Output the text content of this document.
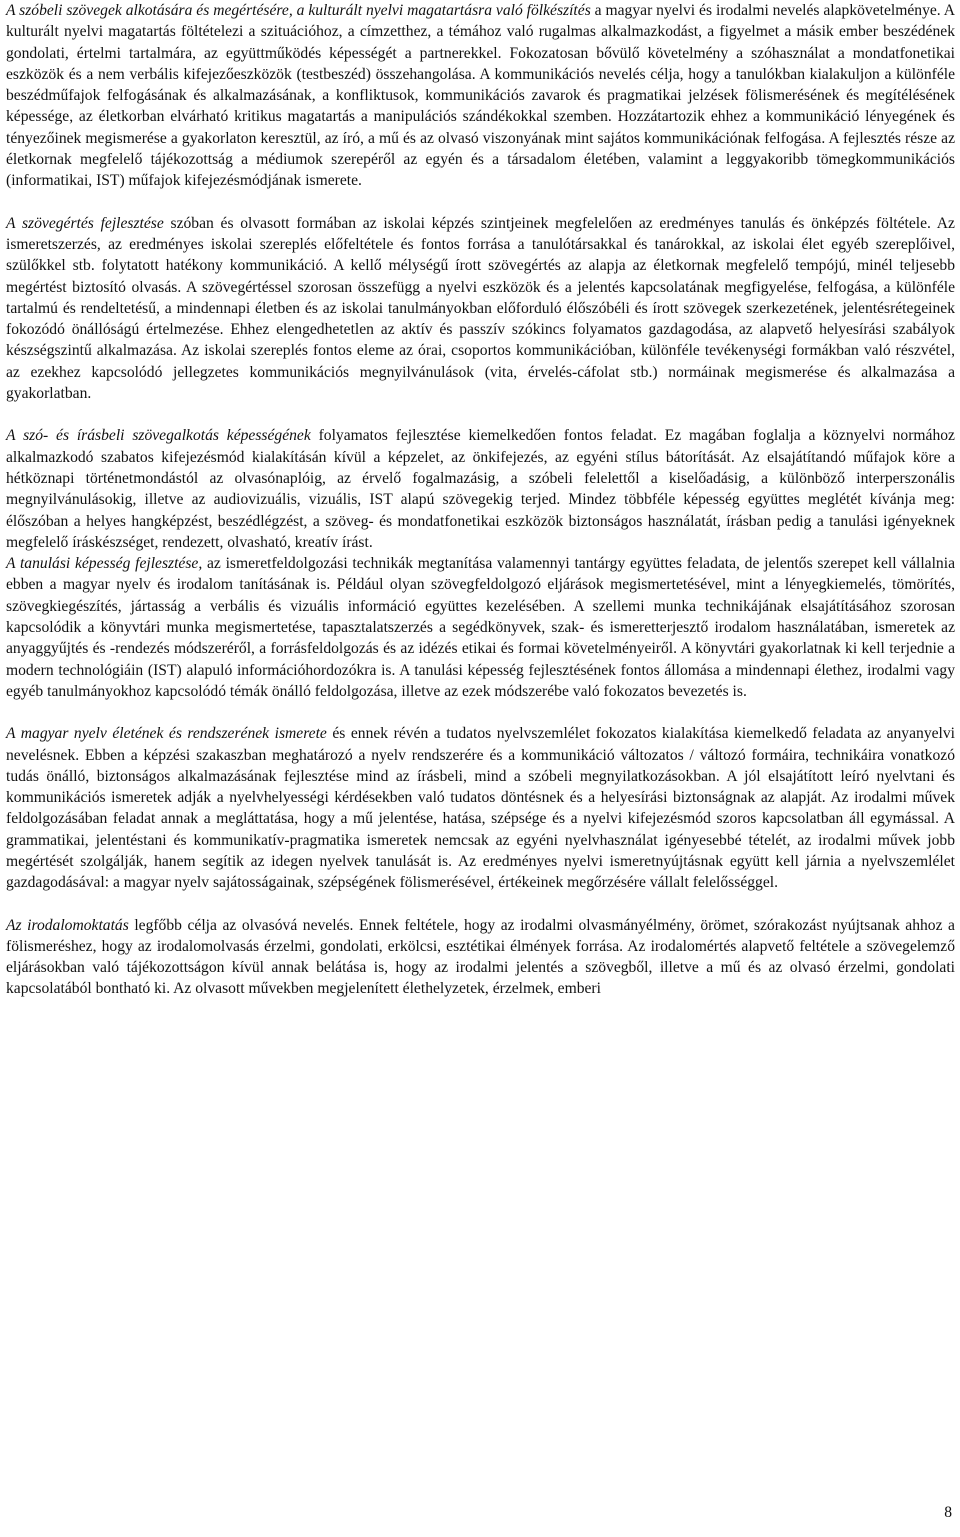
A szóbeli szövegek alkotására és megértésére, a kulturált nyelvi magatartásra való fölkészítés a magyar nyelvi és irodalmi nevelés alapkövetelménye. A kulturált nyelvi magatartás föltételezi a szituációhoz, a címzetthez, a témához való rugalmas alkalmazkodást, a figyelmet a másik ember beszédének gondolati, értelmi tartalmára, az együttműködés képességét a partnerekkel. Fokozatosan bővülő követelmény a szóhasználat a mondatfonetikai eszközök és a nem verbális kifejezőeszközök (testbeszéd) összehangolása. A kommunikációs nevelés célja, hogy a tanulókban kialakuljon a különféle beszédműfajok felfogásának és alkalmazásának, a konfliktusok, kommunikációs zavarok és pragmatikai jelzések fölismerésének és megítélésének képessége, az életkorban elvárható kritikus magatartás a manipulációs szándékokkal szemben. Hozzátartozik ehhez a kommunikáció lényegének és tényezőinek megismerése a gyakorlaton keresztül, az író, a mű és az olvasó viszonyának mint sajátos kommunikációnak felfogása. A fejlesztés része az életkornak megfelelő tájékozottság a médiumok szerepéről az egyén és a társadalom életében, valamint a leggyakoribb tömegkommunikációs (informatikai, IST) műfajok kifejezésmódjának ismerete.

A szövegértés fejlesztése szóban és olvasott formában az iskolai képzés szintjeinek megfelelően az eredményes tanulás és önképzés föltétele. Az ismeretszerzés, az eredményes iskolai szereplés előfeltétele és fontos forrása a tanulótársakkal és tanárokkal, az iskolai élet egyéb szereplőivel, szülőkkel stb. folytatott hatékony kommunikáció. A kellő mélységű írott szövegértés az alapja az életkornak megfelelő tempójú, minél teljesebb megértést biztosító olvasás. A szövegértéssel szorosan összefügg a nyelvi eszközök és a jelentés kapcsolatának megfigyelése, felfogása, a különféle tartalmú és rendeltetésű, a mindennapi életben és az iskolai tanulmányokban előforduló élőszóbéli és írott szövegek szerkezetének, jelentésrétegeinek fokozódó önállóságú értelmezése. Ehhez elengedhetetlen az aktív és passzív szókincs folyamatos gazdagodása, az alapvető helyesírási szabályok készségszintű alkalmazása. Az iskolai szereplés fontos eleme az órai, csoportos kommunikációban, különféle tevékenységi formákban való részvétel, az ezekhez kapcsolódó jellegzetes kommunikációs megnyilvánulások (vita, érvelés-cáfolat stb.) normáinak megismerése és alkalmazása a gyakorlatban.

A szó- és írásbeli szövegalkotás képességének folyamatos fejlesztése kiemelkedően fontos feladat. Ez magában foglalja a köznyelvi normához alkalmazkodó szabatos kifejezésmód kialakításán kívül a képzelet, az önkifejezés, az egyéni stílus bátorítását. Az elsajátítandó műfajok köre a hétköznapi történetmondástól az olvasónaplóig, az érvelő fogalmazásig, a szóbeli felelettől a kiselőadásig, a különböző interperszonális megnyilvánulásokig, illetve az audiovizuális, vizuális, IST alapú szövegekig terjed. Mindez többféle képesség együttes meglétét kívánja meg: élőszóban a helyes hangképzést, beszédlégzést, a szöveg- és mondatfonetikai eszközök biztonságos használatát, írásban pedig a tanulási igényeknek megfelelő íráskészséget, rendezett, olvasható, kreatív írást.

A tanulási képesség fejlesztése, az ismeretfeldolgozási technikák megtanítása valamennyi tantárgy együttes feladata, de jelentős szerepet kell vállalnia ebben a magyar nyelv és irodalom tanításának is. Például olyan szövegfeldolgozó eljárások megismertetésével, mint a lényegkiemelés, tömörítés, szövegkiegészítés, jártasság a verbális és vizuális információ együttes kezelésében. A szellemi munka technikájának elsajátításához szorosan kapcsolódik a könyvtári munka megismertetése, tapasztalatszerzés a segédkönyvek, szak- és ismeretterjesztő irodalom használatában, ismeretek az anyaggyűjtés és -rendezés módszeréről, a forrásfeldolgozás és az idézés etikai és formai követelményeiről. A könyvtári gyakorlatnak ki kell terjednie a modern technológiáin (IST) alapuló információhordozókra is. A tanulási képesség fejlesztésének fontos állomása a mindennapi élethez, irodalmi vagy egyéb tanulmányokhoz kapcsolódó témák önálló feldolgozása, illetve az ezek módszerébe való fokozatos bevezetés is.

A magyar nyelv életének és rendszerének ismerete és ennek révén a tudatos nyelvszemlélet fokozatos kialakítása kiemelkedő feladata az anyanyelvi nevelésnek. Ebben a képzési szakaszban meghatározó a nyelv rendszerére és a kommunikáció változatos / változó formáira, technikáira vonatkozó tudás önálló, biztonságos alkalmazásának fejlesztése mind az írásbeli, mind a szóbeli megnyilatkozásokban. A jól elsajátított leíró nyelvtani és kommunikációs ismeretek adják a nyelvhelyességi kérdésekben való tudatos döntésnek és a helyesírási biztonságnak az alapját. Az irodalmi művek feldolgozásában feladat annak a megláttatása, hogy a mű jelentése, hatása, szépsége és a nyelvi kifejezésmód szoros kapcsolatban áll egymással. A grammatikai, jelentéstani és kommunikatív-pragmatika ismeretek nemcsak az egyéni nyelvhasználat igényesebbé tételét, az irodalmi művek jobb megértését szolgálják, hanem segítik az idegen nyelvek tanulását is. Az eredményes nyelvi ismeretnyújtásnak együtt kell járnia a nyelvszemlélet gazdagodásával: a magyar nyelv sajátosságainak, szépségének fölismerésével, értékeinek megőrzésére vállalt felelősséggel.

Az irodalomoktatás legfőbb célja az olvasóvá nevelés. Ennek feltétele, hogy az irodalmi olvasmányélmény, örömet, szórakozást nyújtsanak ahhoz a fölismeréshez, hogy az irodalomolvasás érzelmi, gondolati, erkölcsi, esztétikai élmények forrása. Az irodalomértés alapvető feltétele a szövegelemző eljárásokban való tájékozottságon kívül annak belátása is, hogy az irodalmi jelentés a szövegből, illetve a mű és az olvasó érzelmi, gondolati kapcsolatából bontható ki. Az olvasott művekben megjelenített élethelyzetek, érzelmek, emberi

8
